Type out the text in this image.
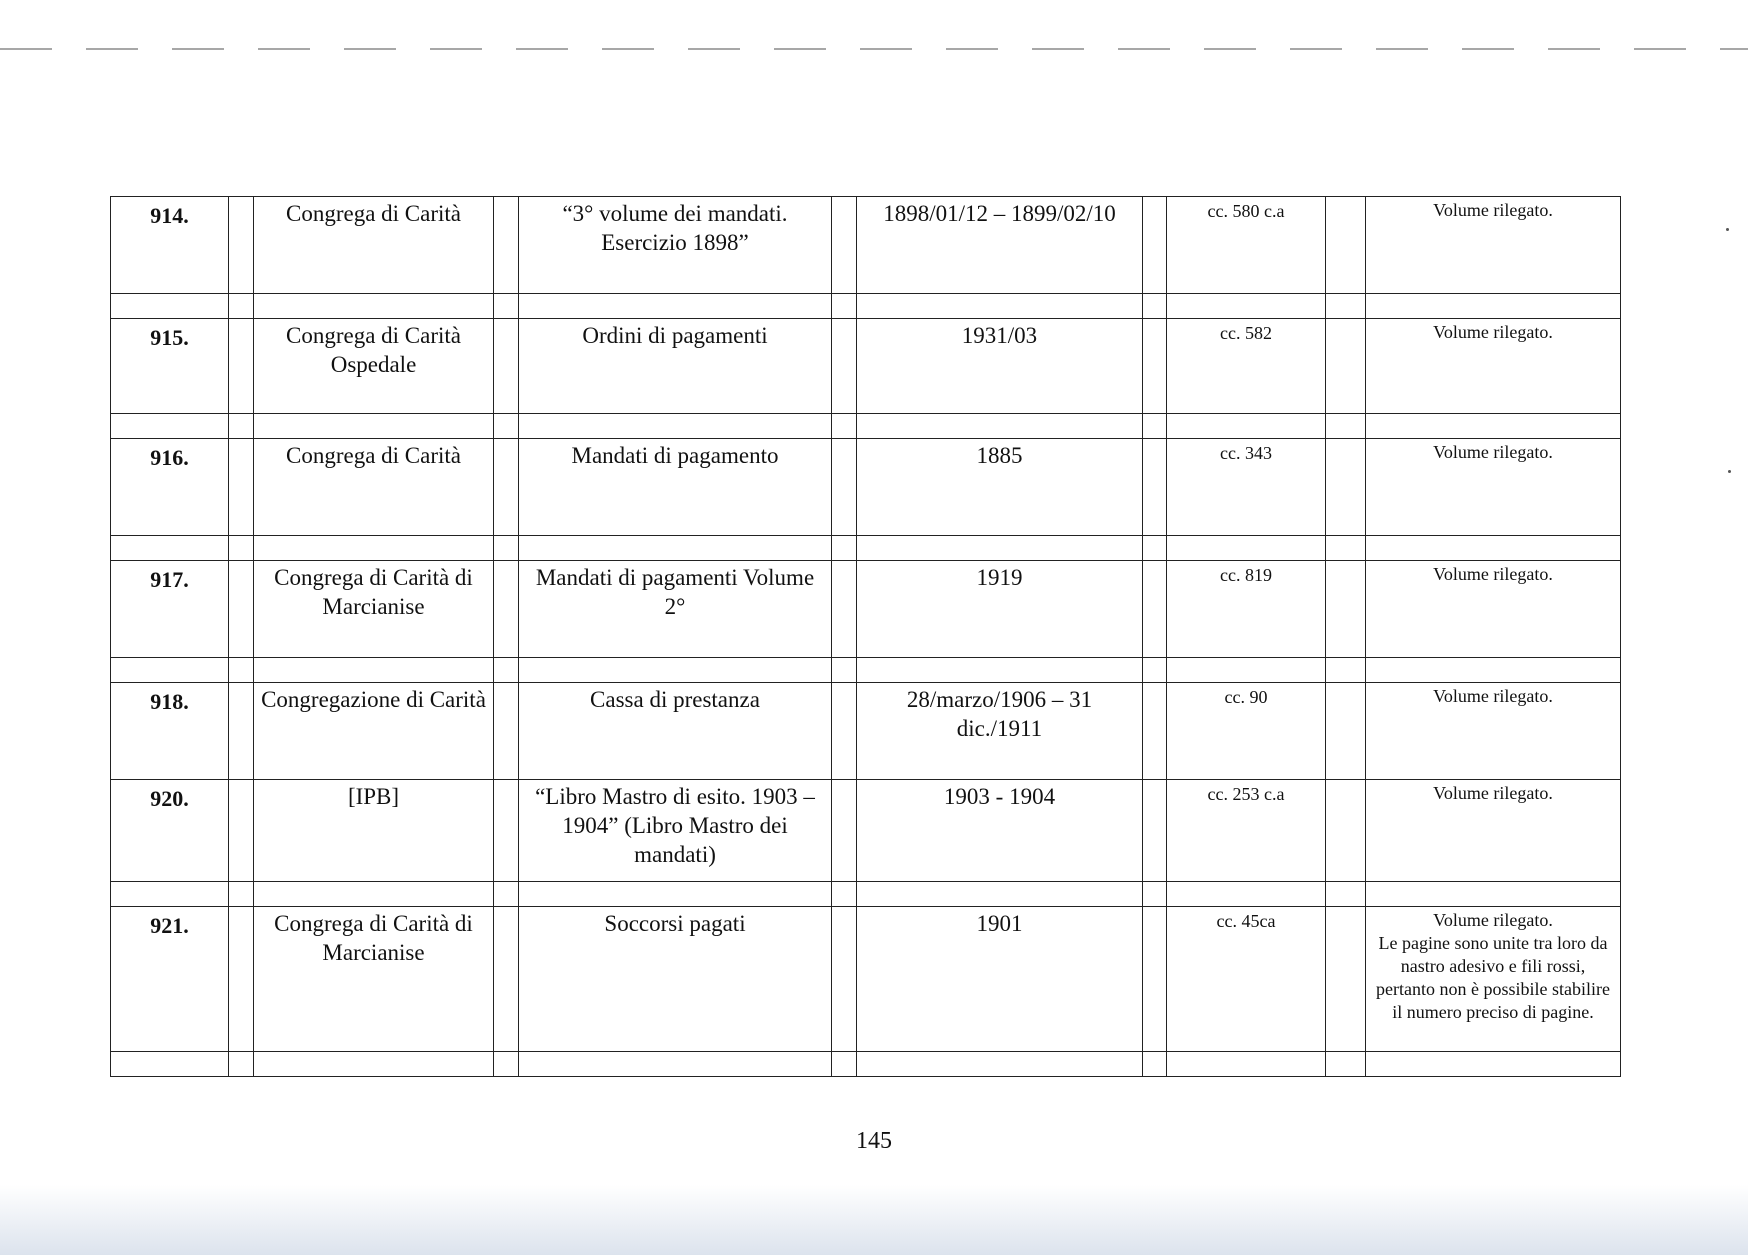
914.		Congrega di Carità		“3° volume dei mandati. Esercizio 1898”		1898/01/12 – 1899/02/10		cc. 580 c.a		Volume rilegato.

915.		Congrega di Carità Ospedale		Ordini di pagamenti		1931/03		cc. 582		Volume rilegato.

916.		Congrega di Carità		Mandati di pagamento		1885		cc. 343		Volume rilegato.

917.		Congrega di Carità di Marcianise		Mandati di pagamenti Volume 2°		1919		cc. 819		Volume rilegato.

918.		Congregazione di Carità		Cassa di prestanza		28/marzo/1906 – 31 dic./1911		cc. 90		Volume rilegato.
920.		[IPB]		“Libro Mastro di esito. 1903 – 1904” (Libro Mastro dei mandati)		1903 - 1904		cc. 253 c.a		Volume rilegato.

921.		Congrega di Carità di Marcianise		Soccorsi pagati		1901		cc. 45ca		Volume rilegato.
Le pagine sono unite tra loro da nastro adesivo e fili rossi, pertanto non è possibile stabilire il numero preciso di pagine.

145
